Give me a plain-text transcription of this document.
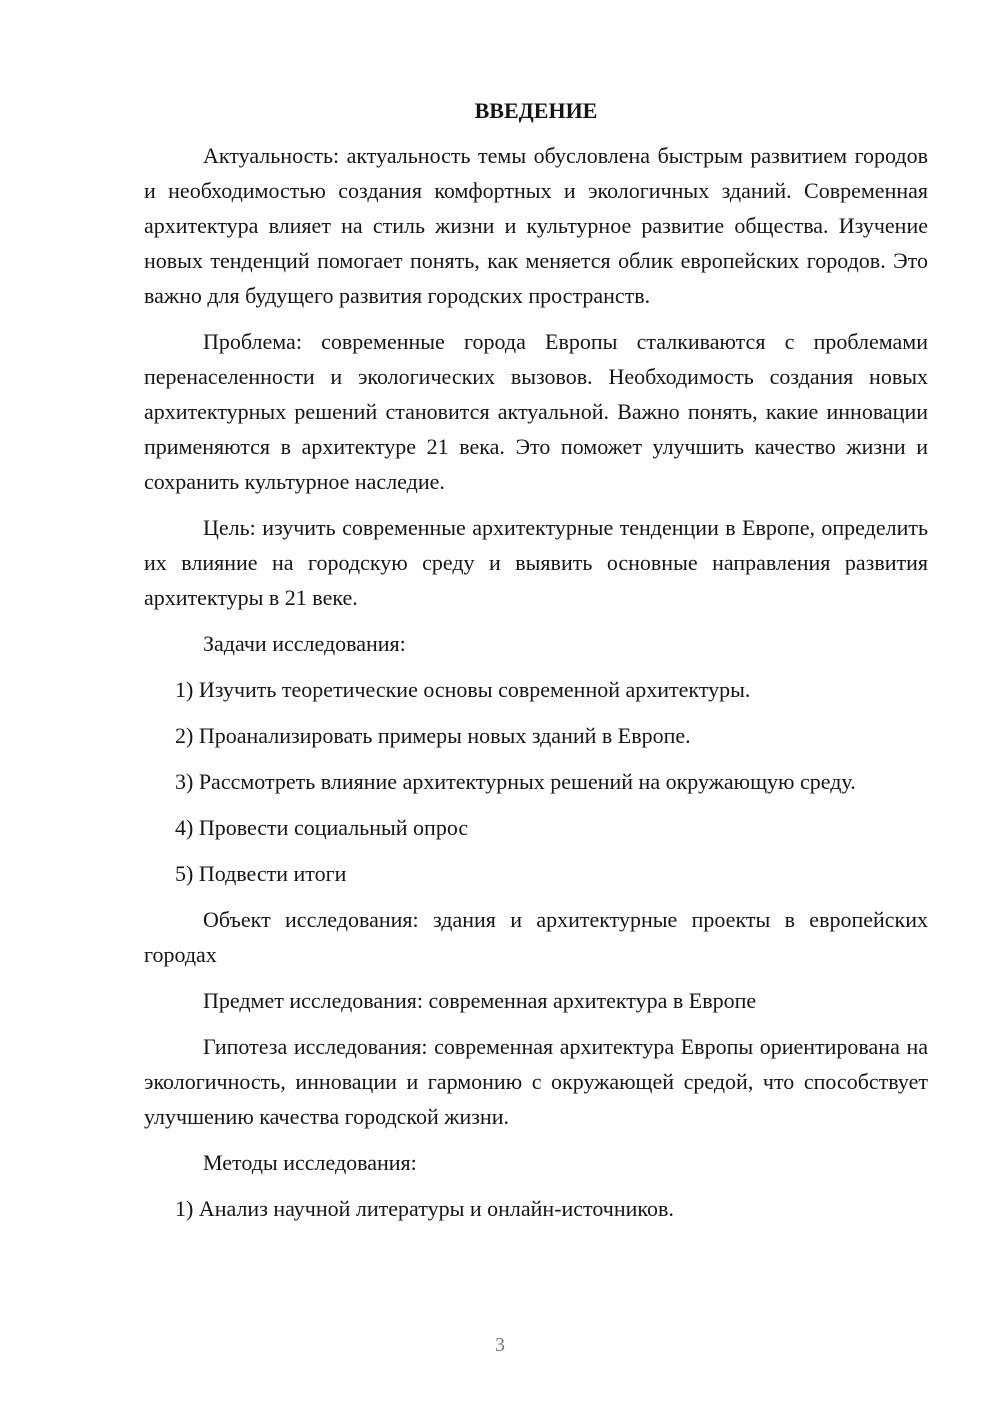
ВВЕДЕНИЕ

Актуальность: актуальность темы обусловлена быстрым развитием городов и необходимостью создания комфортных и экологичных зданий. Современная архитектура влияет на стиль жизни и культурное развитие общества. Изучение новых тенденций помогает понять, как меняется облик европейских городов. Это важно для будущего развития городских пространств.

Проблема: современные города Европы сталкиваются с проблемами перенаселенности и экологических вызовов. Необходимость создания новых архитектурных решений становится актуальной. Важно понять, какие инновации применяются в архитектуре 21 века. Это поможет улучшить качество жизни и сохранить культурное наследие.

Цель: изучить современные архитектурные тенденции в Европе, определить их влияние на городскую среду и выявить основные направления развития архитектуры в 21 веке.

Задачи исследования:

1) Изучить теоретические основы современной архитектуры.

2) Проанализировать примеры новых зданий в Европе.

3) Рассмотреть влияние архитектурных решений на окружающую среду.

4) Провести социальный опрос

5) Подвести итоги

Объект исследования: здания и архитектурные проекты в европейских городах

Предмет исследования: современная архитектура в Европе

Гипотеза исследования: современная архитектура Европы ориентирована на экологичность, инновации и гармонию с окружающей средой, что способствует улучшению качества городской жизни.

Методы исследования:

1) Анализ научной литературы и онлайн-источников.

3
